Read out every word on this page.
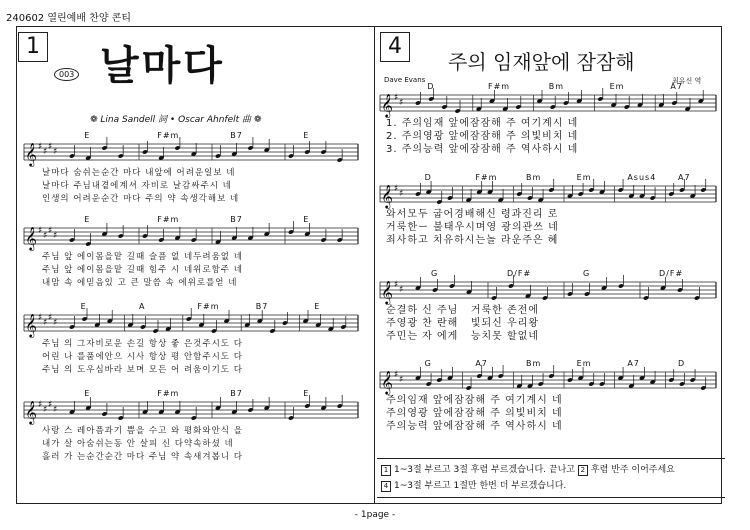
240602 열린예배 찬양 콘티
1
003 날마다
❁ Lina Sandell 詞 • Oscar Ahnfelt 曲 ❁
4
주의 임재앞에 잠잠해
Dave Evans	최유신 역
𝄞 ♯ ♯ ♯ ♯
𝄞 ♯ ♯ ♯ ♯
𝄞 ♯ ♯ ♯ ♯
𝄞 ♯ ♯ ♯ ♯
𝄞 ♯ ♯
𝄞 ♯ ♯
𝄞 ♯ ♯
𝄞 ♯ ♯
E	F#m	B7	E
날마다 숨쉬는순간 마다 내앞에 어려운일보 네
날마다 주님내곁에계셔 자비로 날감싸주시 네
인생의 어려운순간 마다 주의 약 속생각해보 네
E	F#m	B7	E
주님 앞 에이몸을맡 길때 슬픔 없 네두려움없 네
주님 앞 에이몸을맡 길때 힘주 시 네위로함주 네
내맘 속 에믿음있 고 큰 말씀 속 에위로를얻 네
E	A	F#m	B7	E
주님 의 그자비로운 손길 항상 좋 은것주시도 다
어린 나 를품에안으 시사 항상 평 안함주시도 다
주님 의 도우심바라 보며 모든 어 려움이기도 다
E	F#m	B7	E
사랑 스 레아픔과기 쁨을 수고 와 평화와안식 을
내가 살 아숨쉬는동 안 살피 신 다약속하셨 네
흘러 가 는순간순간 마다 주님 약 속새겨봅니 다
D	F#m	Bm	Em	A7
1. 주의임재 앞에잠잠해 주 여기계시 네
2. 주의영광 앞에잠잠해 주 의빛비치 네
3. 주의능력 앞에잠잠해 주 역사하시 네
D	F#m	Bm	Em	Asus4	A7
와서모두 굽어경배해신 령과진리 로
거룩한ー 불태우시며영 광의관쓰 네
죄사하고 치유하시는놀 라운주은 혜
G	D/F#	G	D/F#
순결하 신 주님   거룩한 존전에
주영광 찬 란해   빛되신 우리왕
주민는 자 에게   능치못 할없네
G	A7	Bm	Em	A7	D
주의임재 앞에잠잠해 주 여기계시 네
주의영광 앞에잠잠해 주 의빛비치 네
주의능력 앞에잠잠해 주 역사하시 네
1 1~3절 부르고 3절 후렴 부르겠습니다. 끝나고 2 후렴 반주 이어주세요
4 1~3절 부르고 1절만 한번 더 부르겠습니다.
- 1page -
